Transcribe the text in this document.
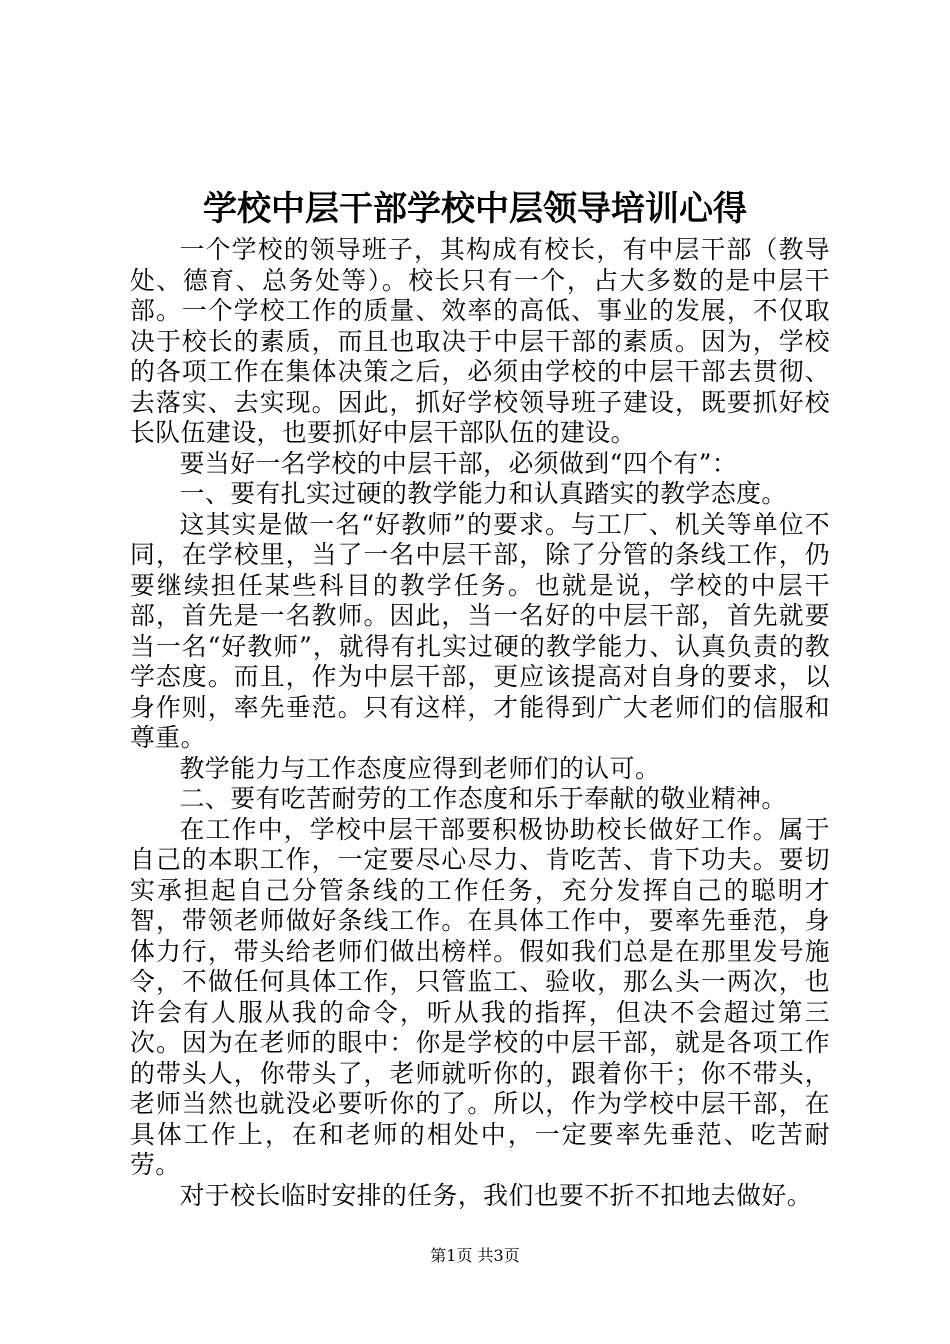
学校中层干部学校中层领导培训心得

一个学校的领导班子，其构成有校长，有中层干部（教导处、德育、总务处等）。校长只有一个，占大多数的是中层干部。一个学校工作的质量、效率的高低、事业的发展，不仅取决于校长的素质，而且也取决于中层干部的素质。因为，学校的各项工作在集体决策之后，必须由学校的中层干部去贯彻、去落实、去实现。因此，抓好学校领导班子建设，既要抓好校长队伍建设，也要抓好中层干部队伍的建设。

要当好一名学校的中层干部，必须做到“四个有”：

一、要有扎实过硬的教学能力和认真踏实的教学态度。

这其实是做一名“好教师”的要求。与工厂、机关等单位不同，在学校里，当了一名中层干部，除了分管的条线工作，仍要继续担任某些科目的教学任务。也就是说，学校的中层干部，首先是一名教师。因此，当一名好的中层干部，首先就要当一名“好教师”，就得有扎实过硬的教学能力、认真负责的教学态度。而且，作为中层干部，更应该提高对自身的要求，以身作则，率先垂范。只有这样，才能得到广大老师们的信服和尊重。

教学能力与工作态度应得到老师们的认可。

二、要有吃苦耐劳的工作态度和乐于奉献的敬业精神。

在工作中，学校中层干部要积极协助校长做好工作。属于自己的本职工作，一定要尽心尽力、肯吃苦、肯下功夫。要切实承担起自己分管条线的工作任务，充分发挥自己的聪明才智，带领老师做好条线工作。在具体工作中，要率先垂范，身体力行，带头给老师们做出榜样。假如我们总是在那里发号施令，不做任何具体工作，只管监工、验收，那么头一两次，也许会有人服从我的命令，听从我的指挥，但决不会超过第三次。因为在老师的眼中：你是学校的中层干部，就是各项工作的带头人，你带头了，老师就听你的，跟着你干；你不带头，老师当然也就没必要听你的了。所以，作为学校中层干部，在具体工作上，在和老师的相处中，一定要率先垂范、吃苦耐劳。

对于校长临时安排的任务，我们也要不折不扣地去做好。

第1页 共3页
